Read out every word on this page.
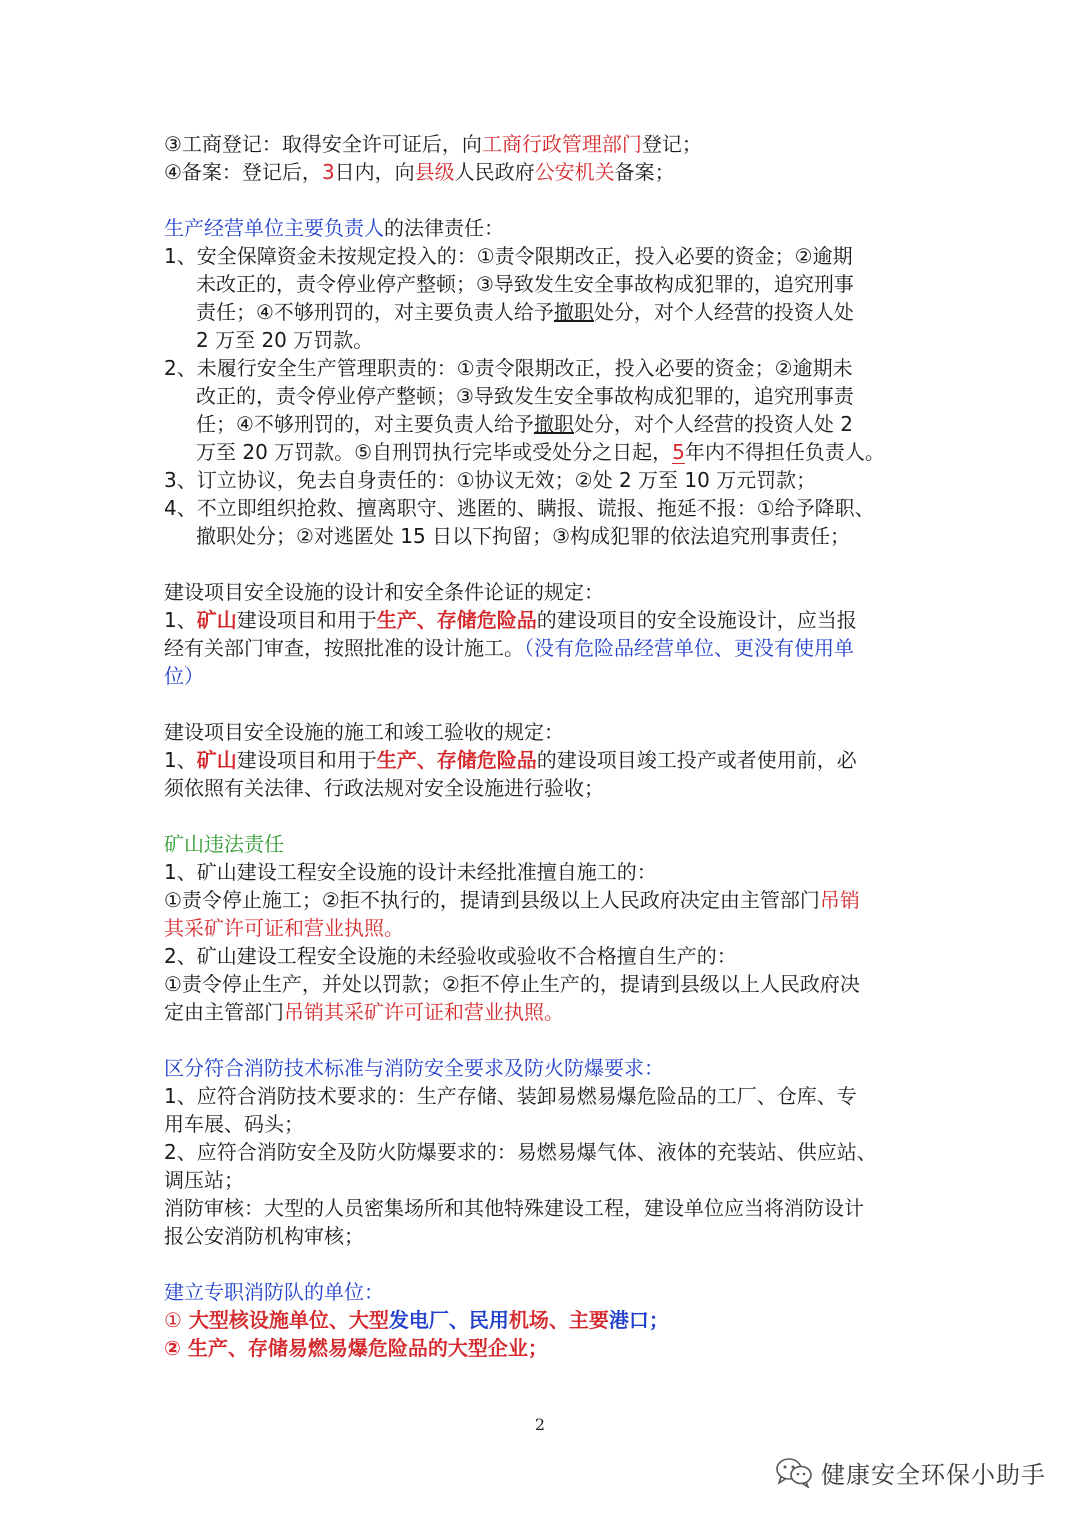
③工商登记：取得安全许可证后，向工商行政管理部门登记；
④备案：登记后，3日内，向县级人民政府公安机关备案；
生产经营单位主要负责人的法律责任：
1、安全保障资金未按规定投入的：①责令限期改正，投入必要的资金；②逾期
未改正的，责令停业停产整顿；③导致发生安全事故构成犯罪的，追究刑事
责任；④不够刑罚的，对主要负责人给予撤职处分，对个人经营的投资人处
2 万至 20 万罚款。
2、未履行安全生产管理职责的：①责令限期改正，投入必要的资金；②逾期未
改正的，责令停业停产整顿；③导致发生安全事故构成犯罪的，追究刑事责
任；④不够刑罚的，对主要负责人给予撤职处分，对个人经营的投资人处 2
万至 20 万罚款。⑤自刑罚执行完毕或受处分之日起，5年内不得担任负责人。
3、订立协议，免去自身责任的：①协议无效；②处 2 万至 10 万元罚款；
4、不立即组织抢救、擅离职守、逃匿的、瞒报、谎报、拖延不报：①给予降职、
撤职处分；②对逃匿处 15 日以下拘留；③构成犯罪的依法追究刑事责任；
建设项目安全设施的设计和安全条件论证的规定：
1、矿山建设项目和用于生产、存储危险品的建设项目的安全设施设计，应当报
经有关部门审查，按照批准的设计施工。（没有危险品经营单位、更没有使用单
位）
建设项目安全设施的施工和竣工验收的规定：
1、矿山建设项目和用于生产、存储危险品的建设项目竣工投产或者使用前，必
须依照有关法律、行政法规对安全设施进行验收；
矿山违法责任
1、矿山建设工程安全设施的设计未经批准擅自施工的：
①责令停止施工；②拒不执行的，提请到县级以上人民政府决定由主管部门吊销
其采矿许可证和营业执照。
2、矿山建设工程安全设施的未经验收或验收不合格擅自生产的：
①责令停止生产，并处以罚款；②拒不停止生产的，提请到县级以上人民政府决
定由主管部门吊销其采矿许可证和营业执照。
区分符合消防技术标准与消防安全要求及防火防爆要求：
1、应符合消防技术要求的：生产存储、装卸易燃易爆危险品的工厂、仓库、专
用车展、码头；
2、应符合消防安全及防火防爆要求的：易燃易爆气体、液体的充装站、供应站、
调压站；
消防审核：大型的人员密集场所和其他特殊建设工程，建设单位应当将消防设计
报公安消防机构审核；
建立专职消防队的单位：
① 大型核设施单位、大型发电厂、民用机场、主要港口；
② 生产、存储易燃易爆危险品的大型企业；
2
健康安全环保小助手
